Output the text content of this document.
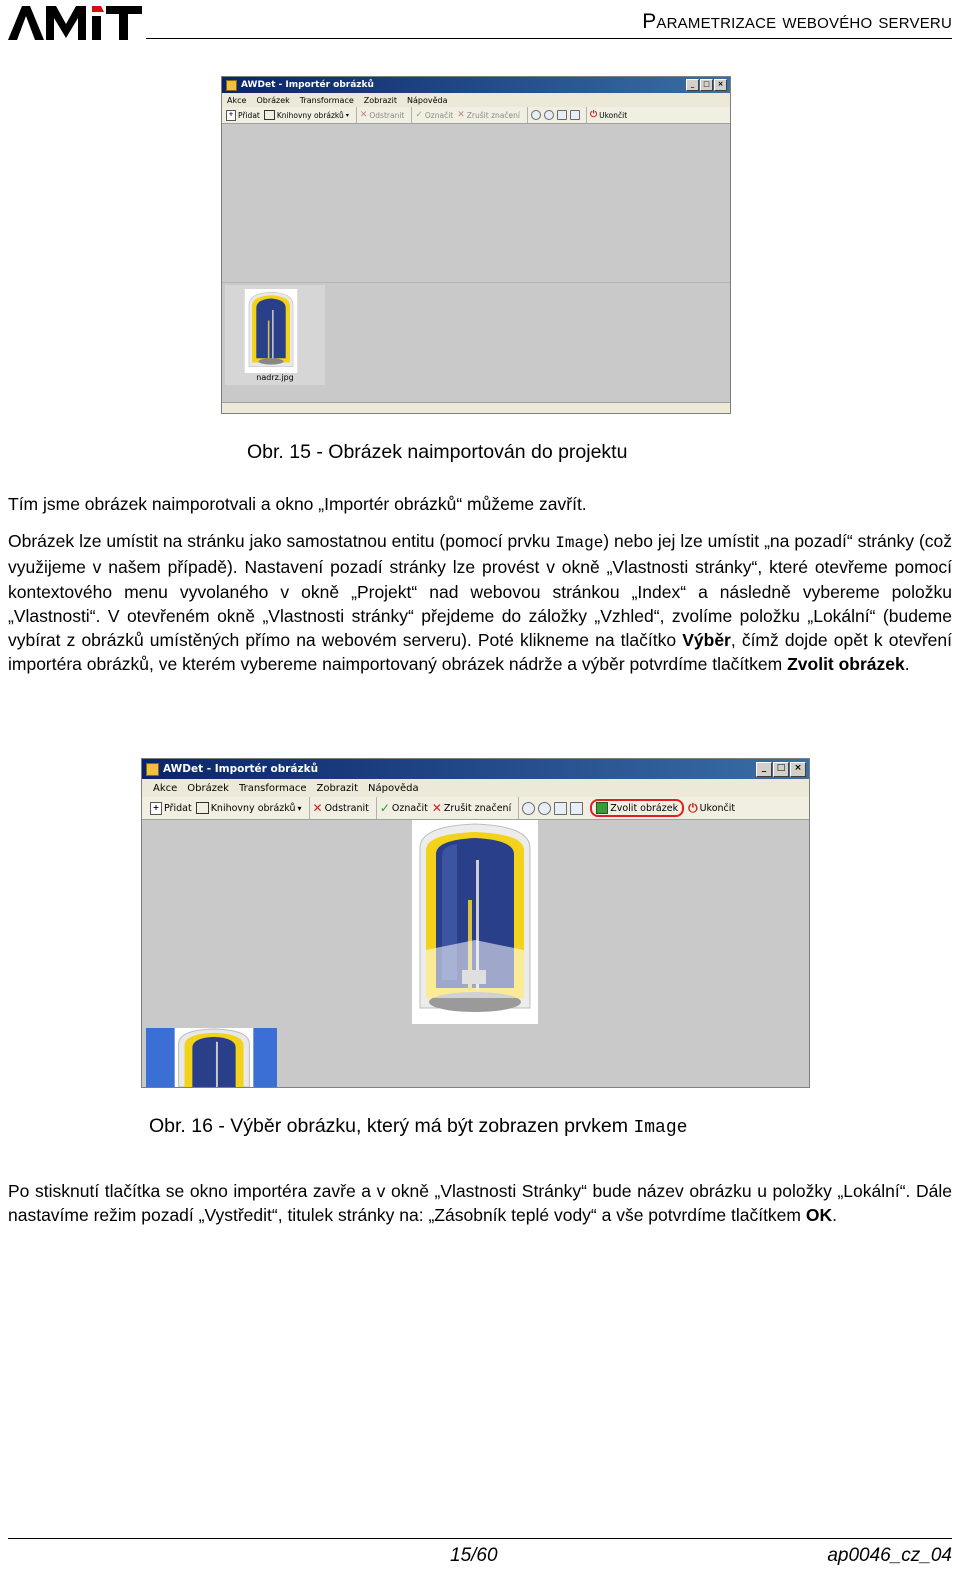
AMiT
Parametrizace webového serveru
AWDet - Importér obrázků	_	□	×
Akce	Obrázek	Transformace	Zobrazit	Nápověda
+ Přidat Knihovny obrázků ▾ ✕ Odstranit ✓ Označit ✕ Zrušit značení	⏻ Ukončit
nadrz.jpg
Obr. 15 - Obrázek naimportován do projektu
Tím jsme obrázek naimporotvali a okno „Importér obrázků“ můžeme zavřít.
Obrázek lze umístit na stránku jako samostatnou entitu (pomocí prvku Image) nebo jej lze umístit „na pozadí“ stránky (což využijeme v našem případě). Nastavení pozadí stránky lze provést v okně „Vlastnosti stránky“, které otevřeme pomocí kontextového menu vyvolaného v okně „Projekt“ nad webovou stránkou „Index“ a následně vybereme položku „Vlastnosti“. V otevřeném okně „Vlastnosti stránky“ přejdeme do záložky „Vzhled“, zvolíme položku „Lokální“ (budeme vybírat z obrázků umístěných přímo na webovém serveru). Poté klikneme na tlačítko Výběr, čímž dojde opět k otevření importéra obrázků, ve kterém vybereme naimportovaný obrázek nádrže a výběr potvrdíme tlačítkem Zvolit obrázek.
AWDet - Importér obrázků	_	□ ×
Akce	Obrázek	Transformace	Zobrazit	Nápověda
+ Přidat Knihovny obrázků ▾ ✕ Odstranit ✓ Označit ✕ Zrušit značení	Zvolit obrázek ⏻ Ukončit
Obr. 16 - Výběr obrázku, který má být zobrazen prvkem Image
Po stisknutí tlačítka se okno importéra zavře a v okně „Vlastnosti Stránky“ bude název obrázku u položky „Lokální“. Dále nastavíme režim pozadí „Vystředit“, titulek stránky na: „Zásobník teplé vody“ a vše potvrdíme tlačítkem OK.
15/60	ap0046_cz_04
